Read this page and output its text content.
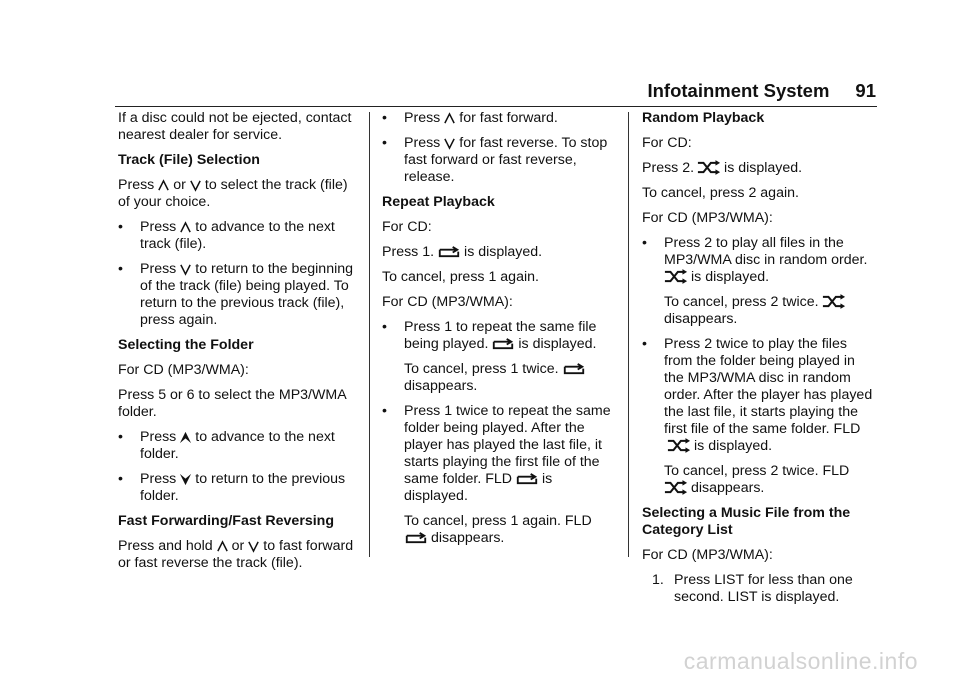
Infotainment System 91
If a disc could not be ejected, contact nearest dealer for service.
Track (File) Selection
Press or to select the track (file) of your choice.
•	Press to advance to the next track (file).
•	Press to return to the beginning of the track (file) being played. To return to the previous track (file), press again.
Selecting the Folder
For CD (MP3/WMA):
Press 5 or 6 to select the MP3/WMA folder.
•	Press to advance to the next folder.
•	Press to return to the previous folder.
Fast Forwarding/Fast Reversing
Press and hold or to fast forward or fast reverse the track (file).
•	Press for fast forward.
•	Press for fast reverse. To stop fast forward or fast reverse, release.
Repeat Playback
For CD:
Press 1. is displayed.
To cancel, press 1 again.
For CD (MP3/WMA):
•	Press 1 to repeat the same file being played. is displayed.
To cancel, press 1 twice.

disappears.
•	Press 1 twice to repeat the same folder being played. After the player has played the last file, it starts playing the first file of the same folder. FLD is displayed.
To cancel, press 1 again. FLD

disappears.
Random Playback
For CD:
Press 2. is displayed.
To cancel, press 2 again.
For CD (MP3/WMA):
•	Press 2 to play all files in the MP3/WMA disc in random order.

is displayed.
To cancel, press 2 twice.

disappears.
•	Press 2 twice to play the files from the folder being played in the MP3/WMA disc in random order. After the player has played the last file, it starts playing the first file of the same folder. FLD
is displayed.
To cancel, press 2 twice. FLD

disappears.
Selecting a Music File from the Category List
For CD (MP3/WMA):
1. Press LIST for less than one second. LIST is displayed.
carmanualsonline.info
